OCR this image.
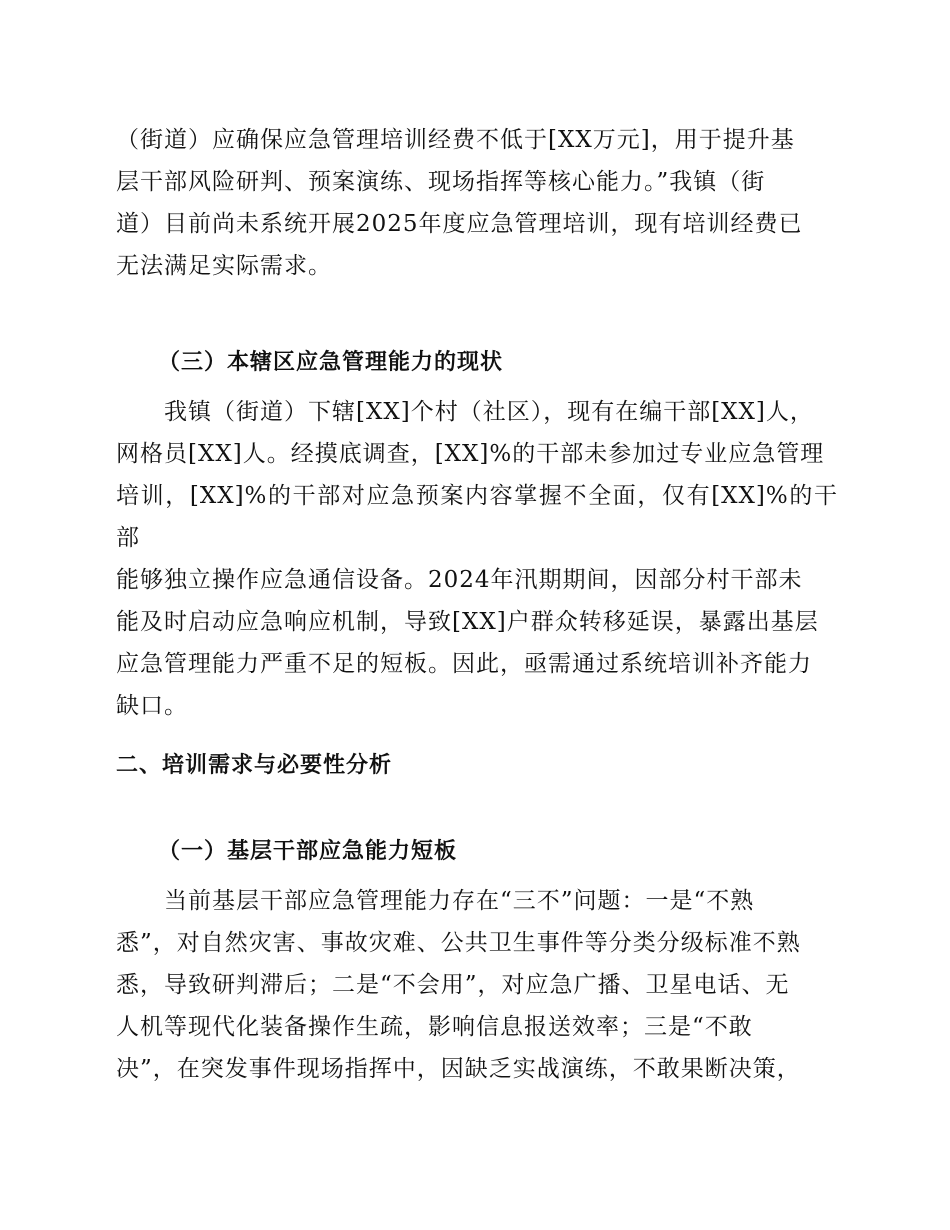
（街道）应确保应急管理培训经费不低于[XX万元]，用于提升基
层干部风险研判、预案演练、现场指挥等核心能力。”我镇（街
道）目前尚未系统开展2025年度应急管理培训，现有培训经费已
无法满足实际需求。

（三）本辖区应急管理能力的现状

　　我镇（街道）下辖[XX]个村（社区），现有在编干部[XX]人，
网格员[XX]人。经摸底调查，[XX]%的干部未参加过专业应急管理
培训，[XX]%的干部对应急预案内容掌握不全面，仅有[XX]%的干部
能够独立操作应急通信设备。2024年汛期期间，因部分村干部未
能及时启动应急响应机制，导致[XX]户群众转移延误，暴露出基层
应急管理能力严重不足的短板。因此，亟需通过系统培训补齐能力
缺口。

二、培训需求与必要性分析

（一）基层干部应急能力短板

　　当前基层干部应急管理能力存在“三不”问题：一是“不熟
悉”，对自然灾害、事故灾难、公共卫生事件等分类分级标准不熟
悉，导致研判滞后；二是“不会用”，对应急广播、卫星电话、无
人机等现代化装备操作生疏，影响信息报送效率；三是“不敢
决”，在突发事件现场指挥中，因缺乏实战演练，不敢果断决策，
